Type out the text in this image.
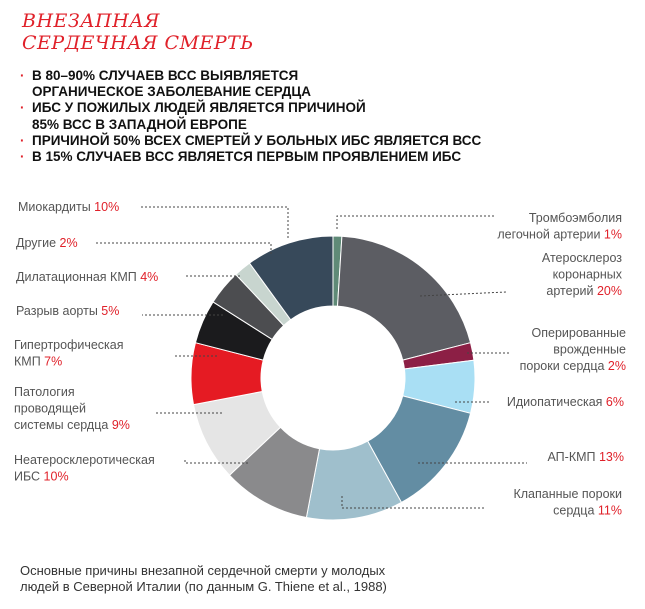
ВНЕЗАПНАЯ
СЕРДЕЧНАЯ СМЕРТЬ
· В 80–90% СЛУЧАЕВ ВСС ВЫЯВЛЯЕТСЯ
ОРГАНИЧЕСКОЕ ЗАБОЛЕВАНИЕ СЕРДЦА
· ИБС У ПОЖИЛЫХ ЛЮДЕЙ ЯВЛЯЕТСЯ ПРИЧИНОЙ
85% ВСС В ЗАПАДНОЙ ЕВРОПЕ
· ПРИЧИНОЙ 50% ВСЕХ СМЕРТЕЙ У БОЛЬНЫХ ИБС ЯВЛЯЕТСЯ ВСС
· В 15% СЛУЧАЕВ ВСС ЯВЛЯЕТСЯ ПЕРВЫМ ПРОЯВЛЕНИЕМ ИБС
Тромбоэмболия легочной артерии 1%
Атеросклероз коронарных артерий 20%
Оперированные врожденные пороки сердца 2%
Идиопатическая 6%
АП-КМП 13%
Клапанные пороки сердца 11%
Неатеросклеротическая ИБС 10%
Патология проводящей системы сердца 9%
Гипертрофическая КМП 7%
Разрыв аорты 5%
Дилатационная КМП 4%
Другие 2%
Миокардиты 10%
Основные причины внезапной сердечной смерти у молодых
людей в Северной Италии (по данным G. Thiene et al., 1988)
